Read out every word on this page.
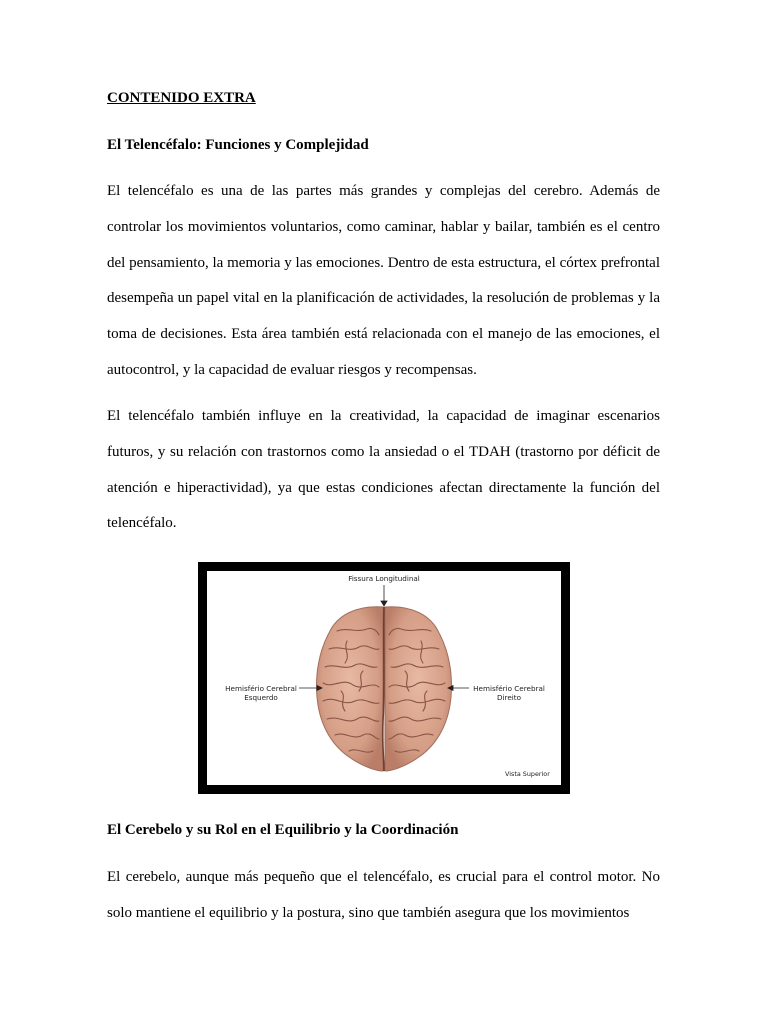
CONTENIDO EXTRA
El Telencéfalo: Funciones y Complejidad

El telencéfalo es una de las partes más grandes y complejas del cerebro. Además de controlar los movimientos voluntarios, como caminar, hablar y bailar, también es el centro del pensamiento, la memoria y las emociones. Dentro de esta estructura, el córtex prefrontal desempeña un papel vital en la planificación de actividades, la resolución de problemas y la toma de decisiones. Esta área también está relacionada con el manejo de las emociones, el autocontrol, y la capacidad de evaluar riesgos y recompensas.

El telencéfalo también influye en la creatividad, la capacidad de imaginar escenarios futuros, y su relación con trastornos como la ansiedad o el TDAH (trastorno por déficit de atención e hiperactividad), ya que estas condiciones afectan directamente la función del telencéfalo.

El Cerebelo y su Rol en el Equilibrio y la Coordinación

El cerebelo, aunque más pequeño que el telencéfalo, es crucial para el control motor. No solo mantiene el equilibrio y la postura, sino que también asegura que los movimientos

Fissura Longitudinal
Hemisfério Cerebral
Esquerdo
Hemisfério Cerebral
Direito
Vista Superior
